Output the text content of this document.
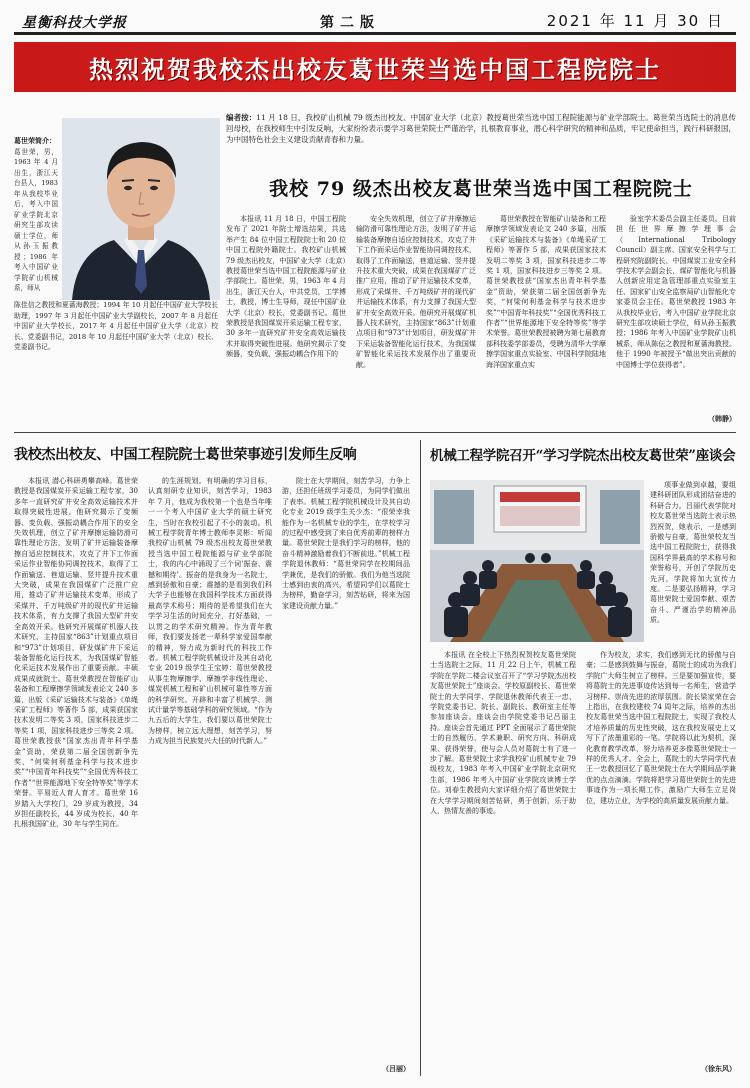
星衡科技大学报	第二版	2021 年 11 月 30 日
热烈祝贺我校杰出校友葛世荣当选中国工程院院士
编者按：11 月 18 日，我校矿山机械 79 级杰出校友、中国矿业大学（北京）教授葛世荣当选中国工程院能源与矿业学部院士。葛世荣当选院士的消息传回母校，在我校师生中引发反响，大家纷纷表示要学习葛世荣院士严谨治学，扎根教育事业，潜心科学研究的精神和品质，牢记使命担当，践行科研报国，为中国特色社会主义建设贡献青春和力量。
葛世荣简介：
葛世荣，男，1963 年 4 月出生，浙江天台县人，1983 年从我校毕业后，考入中国矿业学院北京研究生部攻读硕士学位，师从孙玉振教授；1986 年考入中国矿业学院矿山机械系，师从
陈佳信之教授和夏蔷海教授；1994 年 10 月起任中国矿业大学校长助理，1997 年 3 月起任中国矿业大学副校长，2007 年 8 月起任中国矿业大学校长，2017 年 4 月起任中国矿业大学（北京）校长、党委副书记，2018 年 10 月起任中国矿业大学（北京）校长、党委副书记。
我校 79 级杰出校友葛世荣当选中国工程院院士

本报讯 11 月 18 日，中国工程院发布了 2021 年院士增选结果，共选举产生 84 位中国工程院院士和 20 位中国工程院外籍院士。我校矿山机械 79 级杰出校友，中国矿业大学（北京）教授葛世荣当选中国工程院能源与矿业学部院士。葛世荣，男，1963 年 4 月出生，浙江天台人，中共党员，工学博士，教授，博士生导师，现任中国矿业大学（北京）校长，党委副书记。葛世荣教授是我国煤炭开采运输工程专家，30 多年一直研究矿井安全高效运输技术并取得突破性进展。他研究揭示了变频器，变负载、强振动耦合作用下的

安全失效机理，创立了矿井摩擦运输防滑可靠性理论方法，发明了矿井运输装备摩擦自适应控制技术，攻克了井下工作面采运作业智能协同调控技术，取得了工作面输送，巷道运输、竖井提升技术重大突破，成果在我国煤矿广泛推广应用，推动了矿井运输技术变革，形成了采煤井、千万吨级矿井的现代矿井运输技术体系，有力支撑了我国大型矿井安全高效开采。他研究开展煤矿机器人技术研究，主持国家“863”计划重点项目和“973”计划项目，研发煤矿井下采运装备智能化运行技术，为我国煤矿智能化采运技术发展作出了重要贡献。

葛世荣教授在智能矿山装备和工程摩擦学领域发表论文 240 多篇，出版《采矿运输技术与装备》《单绳采矿工程师》等著作 5 部，成果获国家技术发明二等奖 3 项，国家科技进步二等奖 1 项，国家科技进步三等奖 2 项。葛世荣教授获“国家杰出青年科学基金”资助，荣获第二届全国创新争先奖，“何梁何利基金科学与技术进步奖”“中国青年科技奖”“全国优秀科技工作者”“世界能源地下安全特等奖”等学术荣誉。葛世荣教授被聘为第七届教育部科技委学部委员，受聘为清华大学摩擦学国家重点实验室、中国科学院陆地海洋国家重点实

验室学术委员会副主任委员。目前担任世界摩擦学理事会（International Tribology Council）副主席、国家安全科学与工程研究院副院长、中国煤炭工业安全科学技术学会副会长，煤矿智能化与机器人创新应用定急管理部重点实验室主任、国家矿山安全监察局矿山智能化专家委员会主任。葛世荣教授 1983 年从我校毕业后，考入中国矿业学院北京研究生部攻读硕士学位，师从孙玉振教授；1986 年考入中国矿业学院矿山机械系，师从陈伝之教授和夏蔷海教授。他于 1990 年被授予“做出突出贡献的中国博士学位获得者”。

（韩静）
我校杰出校友、中国工程院院士葛世荣事迹引发师生反响

本报讯 潜心科研勇攀高峰。葛世荣教授是我国煤炭开采运输工程专家，30 多年一直研究矿井安全高效运输技术并取得突破性进展。他研究揭示了变频器、变负载、强振动耦合作用下的安全失效机理，创立了矿井摩擦运输防滑可靠性理论方法，发明了矿井运输装备摩擦自适应控制技术，攻克了井下工作面采运作业智能协同调控技术，取得了工作面输送、巷道运输、竖井提升技术重大突破，成果在我国煤矿广泛推广应用，推动了矿井运输技术变革，形成了采煤井、千万吨级矿井的现代矿井运输技术体系，有力支撑了我国大型矿井安全高效开采。他研究开展煤矿机器人技术研究，主持国家“863”计划重点项目和“973”计划项目，研发煤矿井下采运装备智能化运行技术，为我国煤矿智能化采运技术发展作出了重要贡献。丰硕成果成就院士。葛世荣教授在智能矿山装备和工程摩擦学领域发表论文 240 多篇，出版《采矿运输技术与装备》《单绳采矿工程师》等著作 5 部，成果获国家技术发明二等奖 3 项，国家科技进步二等奖 1 项，国家科技进步三等奖 2 项。葛世荣教授获“国家杰出青年科学基金”资助，荣获第二届全国创新争先奖，“何梁何利基金科学与技术进步奖”“中国青年科技奖”“全国优秀科技工作者”“世界能源地下安全特等奖”等学术荣誉。平易近人育人育才。葛世荣 16 岁踏入大学校门，29 岁成为教授，34 岁担任副校长，44 岁成为校长，40 年扎根我国矿业，30 年与学生同在。

的生涯规划。有明确的学习目标，认真刻研专业知识，刻苦学习，1983 年 7 月，他成为我校第一个也是当年唯一一个考入中国矿业大学的硕士研究生，当时在我校引起了不小的轰动。机械工程学院青年博士教师李灵彬：听闻我校矿山机械 79 级杰出校友葛世荣教授当选中国工程院能源与矿业学部院士，我的内心中涌现了三个词‘振奋、震撼和期待’。振奋的是我身为一名院士，感到骄傲和自豪；震撼的是看到我们科大学子也能够在我国科学技术方面获得最高学术称号；期待的是希望我们在大学学习生活的时间充分，打好基础，一以贯之的学术研究精神。作为青年教师，我们要发扬老一辈科学家爱国奉献的精神，努力成为新时代的科技工作者。机械工程学院机械设计及其自动化专业 2019 级学生王宝婷：葛世荣教授从事生物摩擦学、摩擦学非线性理论、煤炭机械工程和矿山机械可靠性等方面的科学研究。开辟和丰富了机械学、测试计量学等基础学科的研究领域。“作为九五后的大学生，我们要以葛世荣院士为榜样，树立远大理想，刻苦学习，努力成为担当民族复兴大任的时代新人。”

院士在大学期间，刻苦学习，力争上游，还担任班级学习委员，为同学们做出了表率。机械工程学院机械设计及其自动化专业 2019 级学生关少杰：“很荣幸我能作为一名机械专业的学生，在学校学习的过程中感受到了来自优秀前辈的榜样力量。葛世荣院士是我们学习的榜样，他的奋斗精神激励着我们不断前进。”机械工程学院退休教师：“葛世荣同学在校期间品学兼优，是我们的骄傲。我们为他当选院士感到由衷的高兴，希望同学们以葛院士为榜样，勤奋学习，刻苦钻研，将来为国家建设贡献力量。”

（吕丽）
机械工程学院召开“学习学院杰出校友葛世荣”座谈会

项事业做到卓越，要组建科研团队形成团结奋进的科研合力。吕丽代表学院对校友葛世荣当选院士表示热烈祝贺，她表示，一是感到骄傲与自豪，葛世荣校友当选中国工程院院士，获得我国科学界最高的学术称号和荣誉称号，开创了学院历史先河，学院将加大宣传力度。二是要弘扬精神，学习葛世荣院士爱国奉献、艰苦奋斗、严谨治学的精神品质。

本报讯 在全校上下热烈祝贺校友葛世荣院士当选院士之际，11 月 22 日上午，机械工程学院在学院二楼会议室召开了“学习学院杰出校友葛世荣院士”座谈会。学校原副校长、葛世荣院士的大学同学、学院退休教师代表王一忠、学院党委书记、院长、副院长、教研室主任等参加座谈会。座谈会由学院党委书记吕丽主持。座谈会首先通过 PPT 全面展示了葛世荣院士的自然履历、学术兼职、研究方向、科研成果、获得荣誉，使与会人员对葛院士有了进一步了解。葛世荣院士求学我校矿山机械专业 79 级校友，1983 年考入中国矿业学院北京研究生部，1986 年考入中国矿业学院攻读博士学位。刘春生教授向大家详细介绍了葛世荣院士在大学学习期间刻苦钻研，勇于创新，乐于助人，热情友善的事迹。

作为校友，求实，我们感到无比的骄傲与自豪；二是感到鼓舞与振奋，葛院士的成功为我们学院广大师生树立了榜样。三是要加强宣传，要将葛院士的先进事迹传达到每一名师生，营造学习榜样、崇尚先进的浓厚氛围。院长梁家荣在会上指出，在我校建校 74 周年之际，培养的杰出校友葛世荣当选中国工程院院士，实现了我校人才培养质量的历史性突破，这在我校发展史上又写下了浓墨重彩的一笔。学院将以此为契机，深化教育教学改革，努力培养更多像葛世荣院士一样的优秀人才。全会上，葛院士的大学同学代表王一忠教授回忆了葛世荣院士在大学期间品学兼优的点点滴滴。学院将把学习葛世荣院士的先进事迹作为一项长期工作，激励广大师生立足岗位，建功立业，为学校的高质量发展贡献力量。

（徐东风）
